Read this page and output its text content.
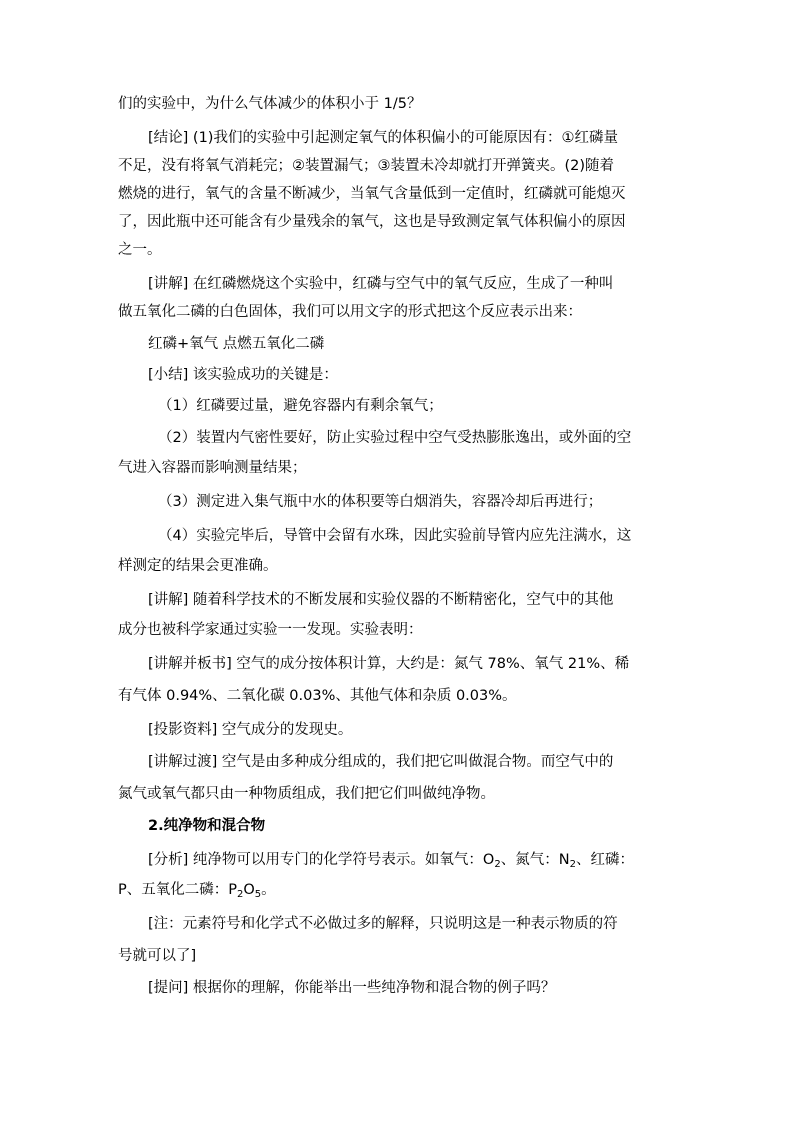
们的实验中，为什么气体减少的体积小于 1/5？
[结论] (1)我们的实验中引起测定氧气的体积偏小的可能原因有：①红磷量
不足，没有将氧气消耗完；②装置漏气；③装置未冷却就打开弹簧夹。(2)随着
燃烧的进行，氧气的含量不断减少，当氧气含量低到一定值时，红磷就可能熄灭
了，因此瓶中还可能含有少量残余的氧气，这也是导致测定氧气体积偏小的原因
之一。
[讲解] 在红磷燃烧这个实验中，红磷与空气中的氧气反应，生成了一种叫
做五氧化二磷的白色固体，我们可以用文字的形式把这个反应表示出来：
红磷+氧气 点燃五氧化二磷
[小结] 该实验成功的关键是：
（1）红磷要过量，避免容器内有剩余氧气；
（2）装置内气密性要好，防止实验过程中空气受热膨胀逸出，或外面的空
气进入容器而影响测量结果；
（3）测定进入集气瓶中水的体积要等白烟消失，容器冷却后再进行；
（4）实验完毕后，导管中会留有水珠，因此实验前导管内应先注满水，这
样测定的结果会更准确。
[讲解] 随着科学技术的不断发展和实验仪器的不断精密化，空气中的其他
成分也被科学家通过实验一一发现。实验表明：
[讲解并板书] 空气的成分按体积计算，大约是：氮气 78%、氧气 21%、稀
有气体 0.94%、二氧化碳 0.03%、其他气体和杂质 0.03%。
[投影资料] 空气成分的发现史。
[讲解过渡] 空气是由多种成分组成的，我们把它叫做混合物。而空气中的
氮气或氧气都只由一种物质组成，我们把它们叫做纯净物。
2.纯净物和混合物
[分析] 纯净物可以用专门的化学符号表示。如氧气：$O_2$、氮气：$N_2$、红磷：
P、五氧化二磷：$P_2O_5$。
[注：元素符号和化学式不必做过多的解释，只说明这是一种表示物质的符
号就可以了]
[提问] 根据你的理解，你能举出一些纯净物和混合物的例子吗？
